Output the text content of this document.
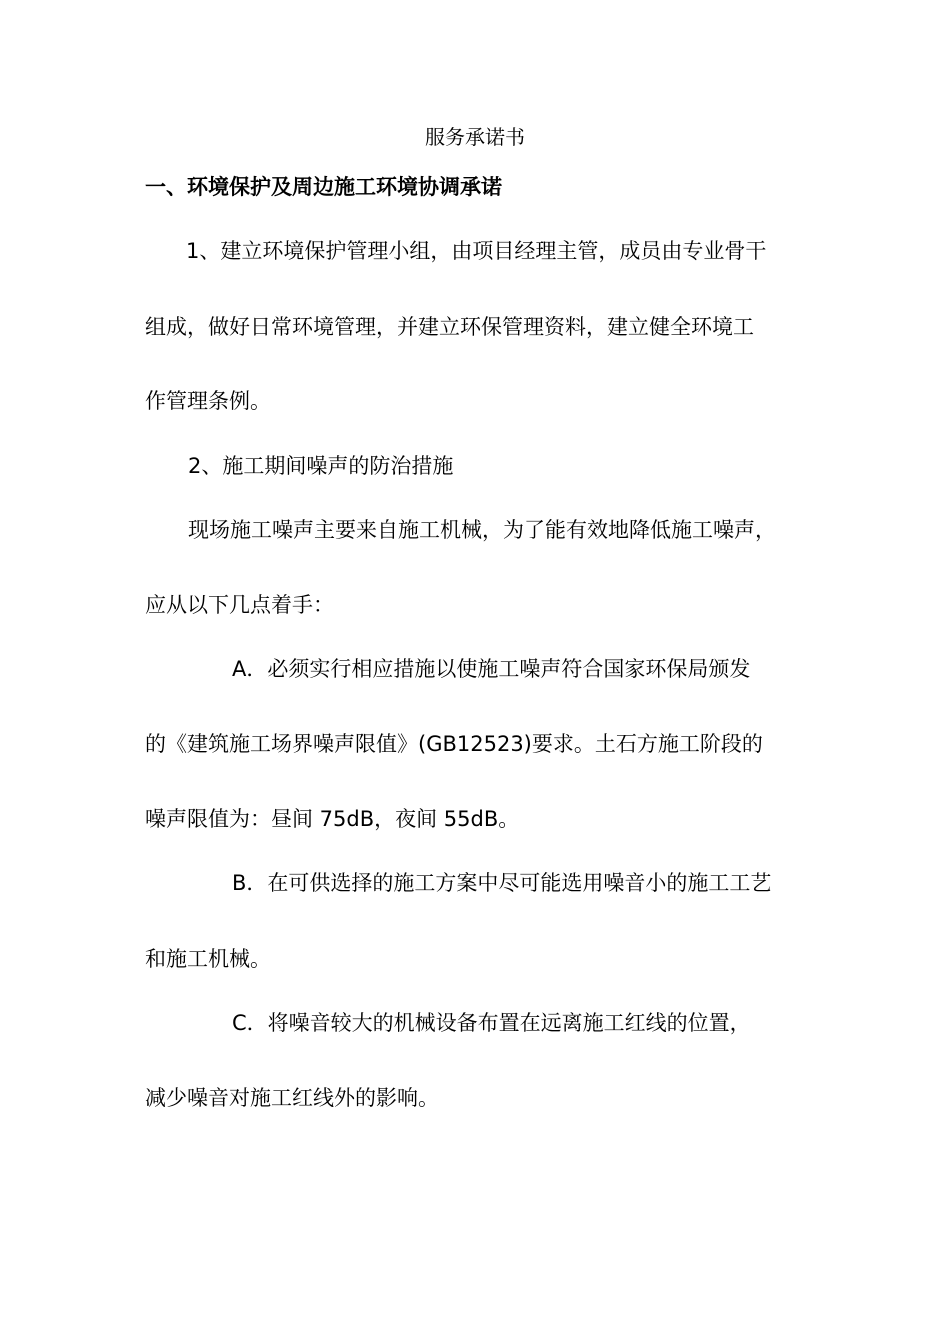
服务承诺书
一、环境保护及周边施工环境协调承诺
1、建立环境保护管理小组，由项目经理主管，成员由专业骨干
组成，做好日常环境管理，并建立环保管理资料，建立健全环境工
作管理条例。
2、施工期间噪声的防治措施
现场施工噪声主要来自施工机械，为了能有效地降低施工噪声，
应从以下几点着手：
A．必须实行相应措施以使施工噪声符合国家环保局颁发
的《建筑施工场界噪声限值》(GB12523)要求。土石方施工阶段的
噪声限值为：昼间 75dB，夜间 55dB。
B．在可供选择的施工方案中尽可能选用噪音小的施工工艺
和施工机械。
C．将噪音较大的机械设备布置在远离施工红线的位置，
减少噪音对施工红线外的影响。
